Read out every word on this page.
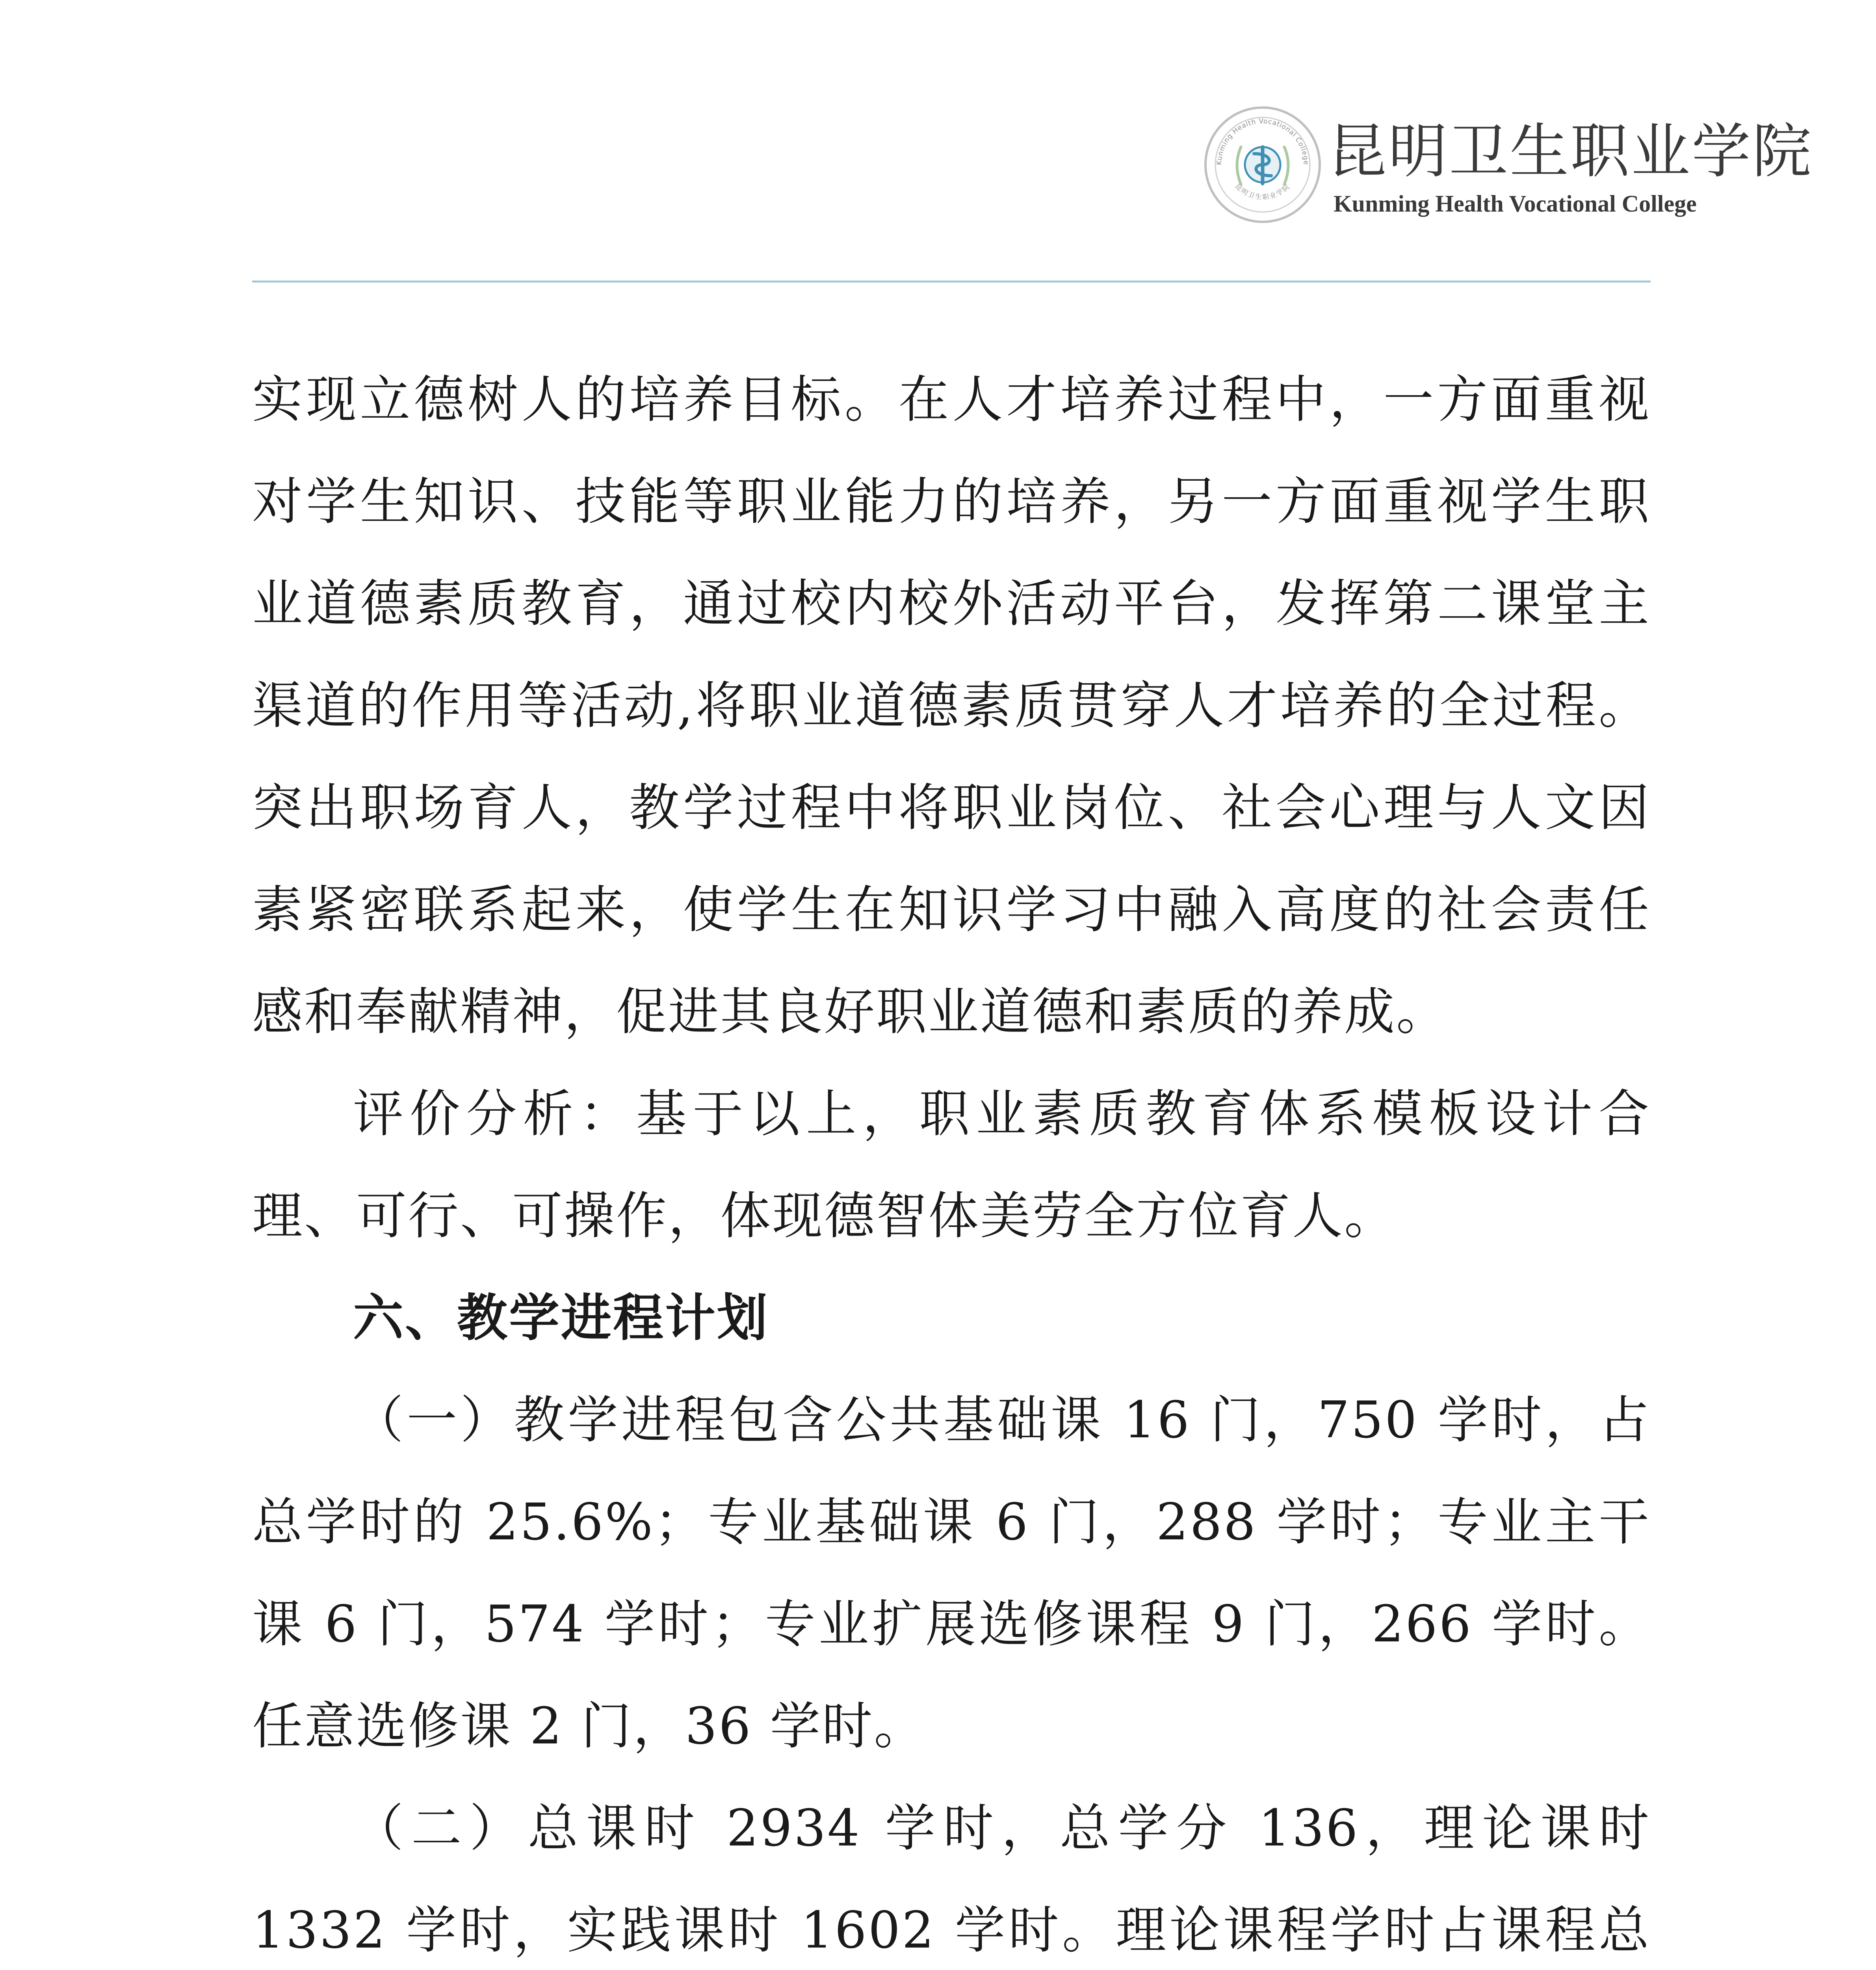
Kunming Health Vocational College
昆明卫生职业学院
昆明卫生职业学院
Kunming Health Vocational College

实现立德树人的培养目标。在人才培养过程中，一方面重视对学生知识、技能等职业能力的培养，另一方面重视学生职业道德素质教育，通过校内校外活动平台，发挥第二课堂主渠道的作用等活动,将职业道德素质贯穿人才培养的全过程。突出职场育人，教学过程中将职业岗位、社会心理与人文因素紧密联系起来，使学生在知识学习中融入高度的社会责任感和奉献精神，促进其良好职业道德和素质的养成。

评价分析：基于以上，职业素质教育体系模板设计合理、可行、可操作，体现德智体美劳全方位育人。

六、教学进程计划

（一）教学进程包含公共基础课 16 门，750 学时，占总学时的 25.6%；专业基础课 6 门，288 学时；专业主干课 6 门，574 学时；专业扩展选修课程 9 门，266 学时。任意选修课 2 门，36 学时。

（二）总课时 2934 学时，总学分 136，理论课时 1332 学时，实践课时 1602 学时。理论课程学时占课程总
